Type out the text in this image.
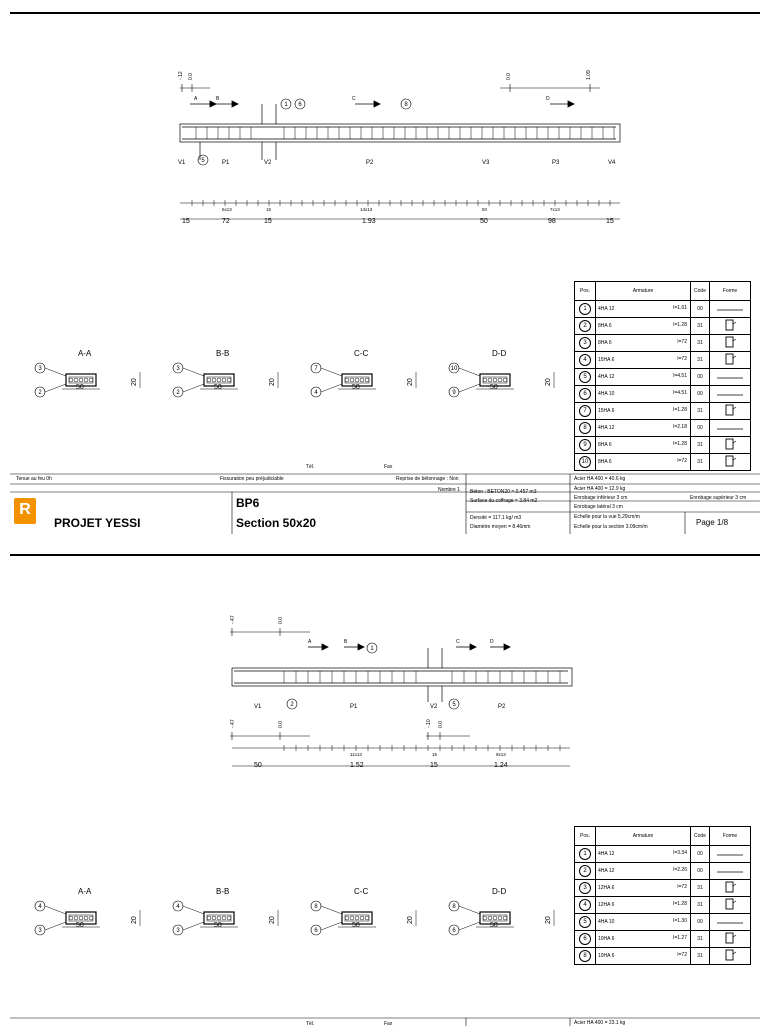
-.12 0.0	0.0	1.09
A	B	C	D
1 6	8
5
V1	P1	V2	P2	V3	P3	V4
5x13	15	14x13	50	7x13
15	72	15	1.93	50	98	15
A-A
3
2
50
20
B-B
3
2
50
20
C-C
7
4
50
20
D-D
10
9
50
20
Pos.	Armature	Code	Forme
1	4HA 12 l=1.61	00	
2	8HA 6 l=1.28	31	
3	8HA 6 l=72	31	
4	15HA 6 l=72	31	
5	4HA 12 l=4.51	00	
6	4HA 10 l=4.51	00	
7	15HA 6 l=1.28	31	
8	4HA 12 l=2.18	00	
9	8HA 6 l=1.28	31	
10	8HA 6 l=72	31	
Tél.	Fax
Tenue au feu 0h	Fissuration peu préjudiciable	Reprise de bétonnage : Non
Nombre 1
R
PROJET YESSI
BP6
Section 50x20
Béton : BETON20 = 0.457 m3
Surface du coffrage = 3.84 m2
Densité = 117.1 kg/ m3
Diamètre moyen = 8.46mm
Acier HA 400 = 40.6 kg
Acier HA 400 = 12.9 kg
Enrobage inférieur 3 cm	Enrobage supérieur 3 cm
Enrobage latéral 3 cm
Echelle pour la vue 5.29cm/m
Echelle pour la section 3.09cm/m	Page 1/8
-.47	0.0
-.47	0.0	-.10 0.0
A	B	C	D
1
2	5
V1	P1	V2	P2
11x13	15	9x13
50	1.52	15	1.24
A-A
4
3
50
20
B-B
4
3
50
20
C-C
8
6
50
20
D-D
8
6
50
20
Pos.	Armature	Code	Forme
1	4HA 12 l=3.34	00	
2	4HA 12 l=2.26	00	
3	12HA 6 l=72	31	
4	12HA 6 l=1.28	31	
5	4HA 10 l=1.30	00	
6	10HA 6 l=1.27	31	
8	10HA 6 l=72	31	
Tél.	Fax	Acier HA 400 = 23.1 kg
